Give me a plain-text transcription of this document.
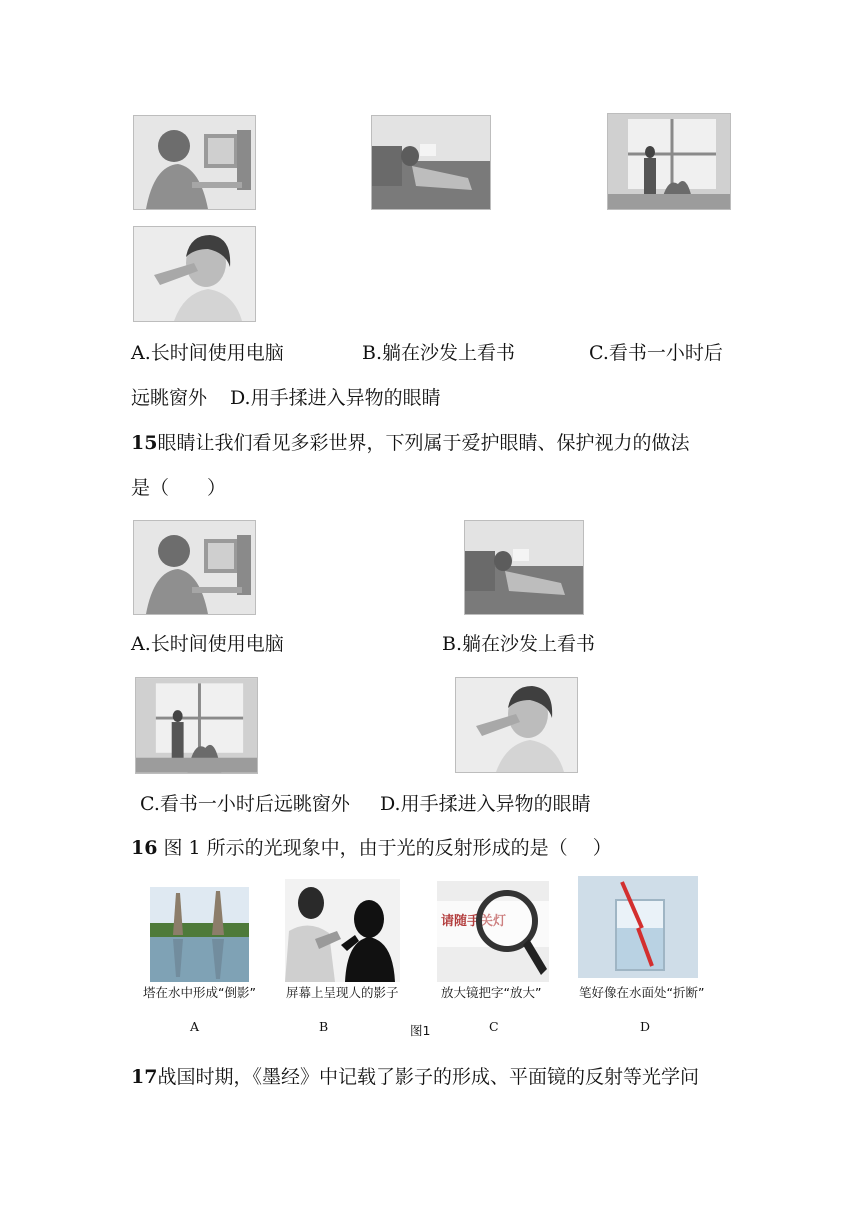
A.长时间使用电脑	B.躺在沙发上看书	C.看书一小时后
远眺窗外 D.用手揉进入异物的眼睛
15眼睛让我们看见多彩世界，下列属于爱护眼睛、保护视力的做法
是（　　）
A.长时间使用电脑	B.躺在沙发上看书
C.看书一小时后远眺窗外 D.用手揉进入异物的眼睛
16 图 1 所示的光现象中，由于光的反射形成的是（　 ）
请随手关灯
塔在水中形成“倒影” 屏幕上呈现人的影子	放大镜把字“放大”	笔好像在水面处“折断”
A	B	图1	C	D
17战国时期，《墨经》中记载了影子的形成、平面镜的反射等光学问
